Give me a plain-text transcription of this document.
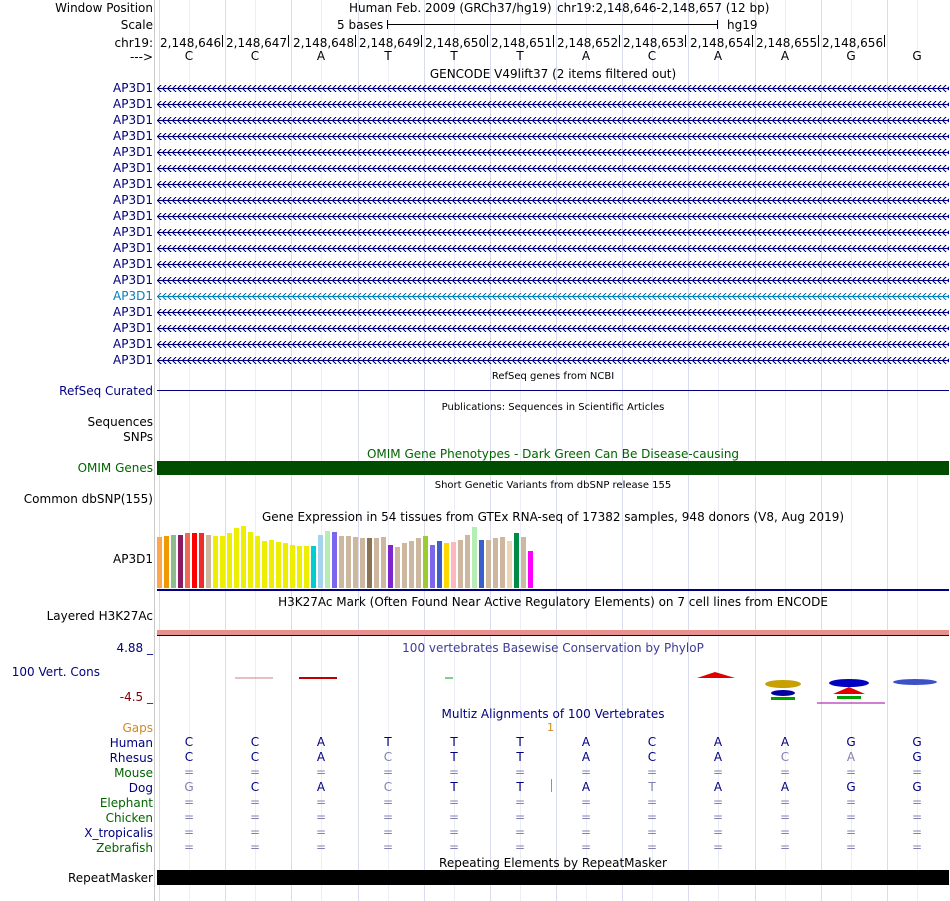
Window Position
Scale
chr19:
--->
Human Feb. 2009 (GRCh37/hg19) chr19:2,148,646-2,148,657 (12 bp)
5 bases	hg19
2,148,646 2,148,647 2,148,648 2,148,649 2,148,650 2,148,651 2,148,652 2,148,653 2,148,654 2,148,655 2,148,656
C	C	A	T	T	T	A	C	A	A	G	G
GENCODE V49lift37 (2 items filtered out)
AP3D1
AP3D1
AP3D1
AP3D1
AP3D1
AP3D1
AP3D1
AP3D1
AP3D1
AP3D1
AP3D1
AP3D1
AP3D1
AP3D1
AP3D1
AP3D1
AP3D1
AP3D1
RefSeq genes from NCBI
RefSeq Curated
Publications: Sequences in Scientific Articles
Sequences
SNPs
OMIM Gene Phenotypes - Dark Green Can Be Disease-causing
OMIM Genes
Short Genetic Variants from dbSNP release 155
Common dbSNP(155)
Gene Expression in 54 tissues from GTEx RNA-seq of 17382 samples, 948 donors (V8, Aug 2019)
AP3D1
H3K27Ac Mark (Often Found Near Active Regulatory Elements) on 7 cell lines from ENCODE
Layered H3K27Ac
100 vertebrates Basewise Conservation by PhyloP
4.88 _
100 Vert. Cons
-4.5 _
Multiz Alignments of 100 Vertebrates
Gaps	1
Human	C	C	A	T	T	T	A	C	A	A	G	G
Rhesus	C	C	A	C	T	T	A	C	A	C	A	G
Mouse	=	=	=	=	=	=	=	=	=	=	=	=
Dog	G	C	A	C	T	T	A	T	A	A	G	G
Elephant	=	=	=	=	=	=	=	=	=	=	=	=
Chicken	=	=	=	=	=	=	=	=	=	=	=	=
X_tropicalis	=	=	=	=	=	=	=	=	=	=	=	=
Zebrafish	=	=	=	=	=	=	=	=	=	=	=	=
Repeating Elements by RepeatMasker
RepeatMasker
